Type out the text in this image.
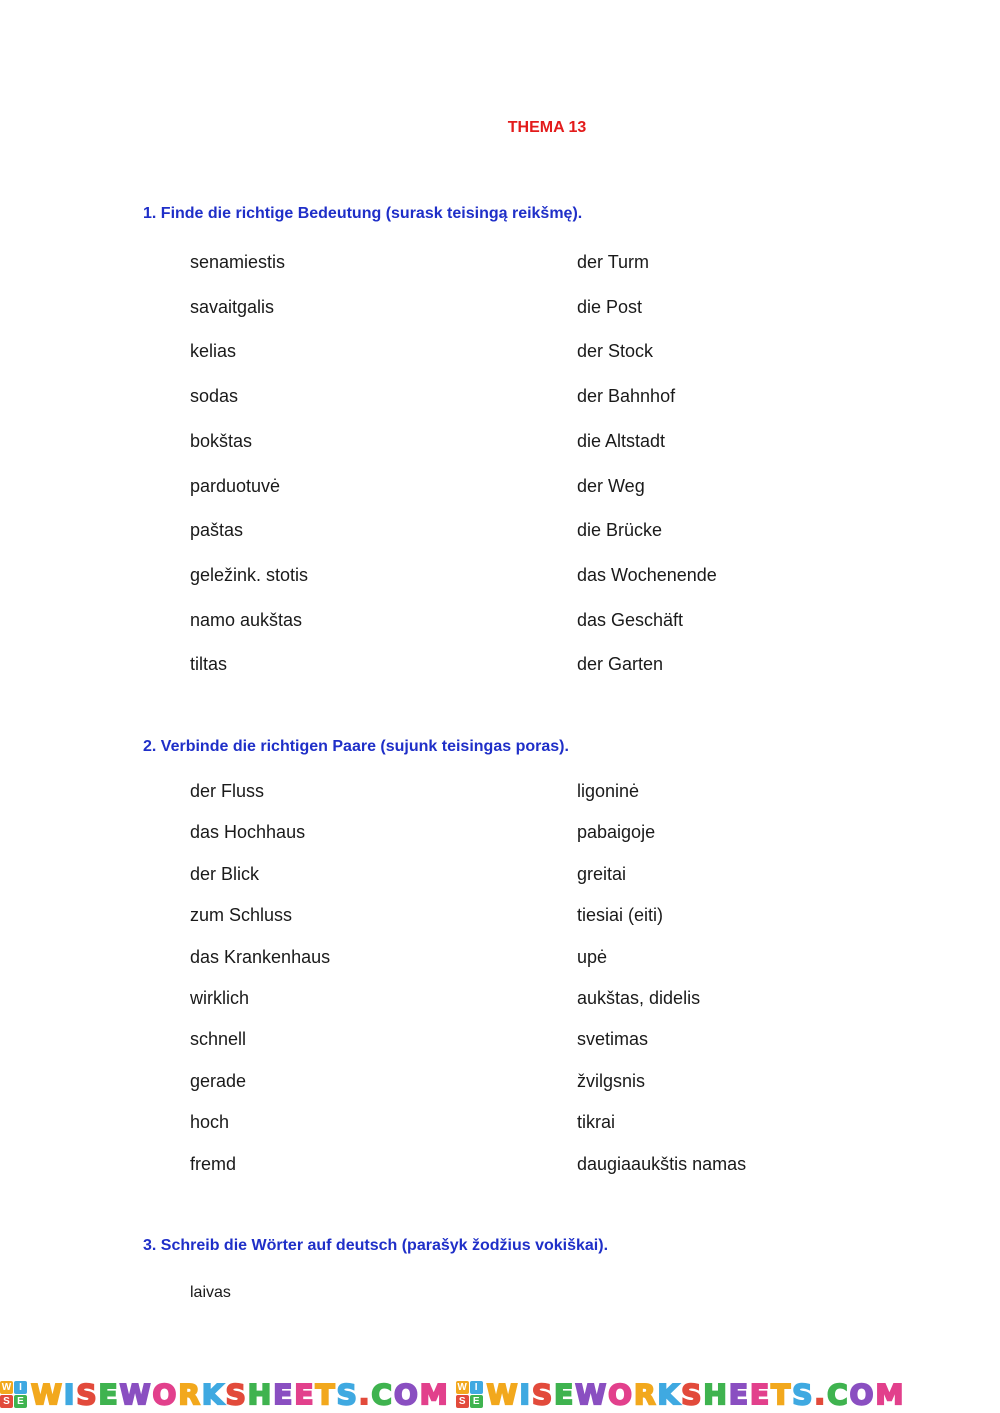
THEMA 13
1. Finde die richtige Bedeutung (surask teisingą reikšmę).
senamiestis	der Turm
savaitgalis	die Post
kelias	der Stock
sodas	der Bahnhof
bokštas	die Altstadt
parduotuvė	der Weg
paštas	die Brücke
geležink. stotis	das Wochenende
namo aukštas	das Geschäft
tiltas	der Garten
2. Verbinde die richtigen Paare (sujunk teisingas poras).
der Fluss	ligoninė
das Hochhaus	pabaigoje
der Blick	greitai
zum Schluss	tiesiai (eiti)
das Krankenhaus	upė
wirklich	aukštas, didelis
schnell	svetimas
gerade	žvilgsnis
hoch	tikrai
fremd	daugiaaukštis namas
3. Schreib die Wörter auf deutsch (parašyk žodžius vokiškai).
laivas
W I
S E WISEWORKSHEETS.COM W I
S E WISEWORKSHEETS.COM
